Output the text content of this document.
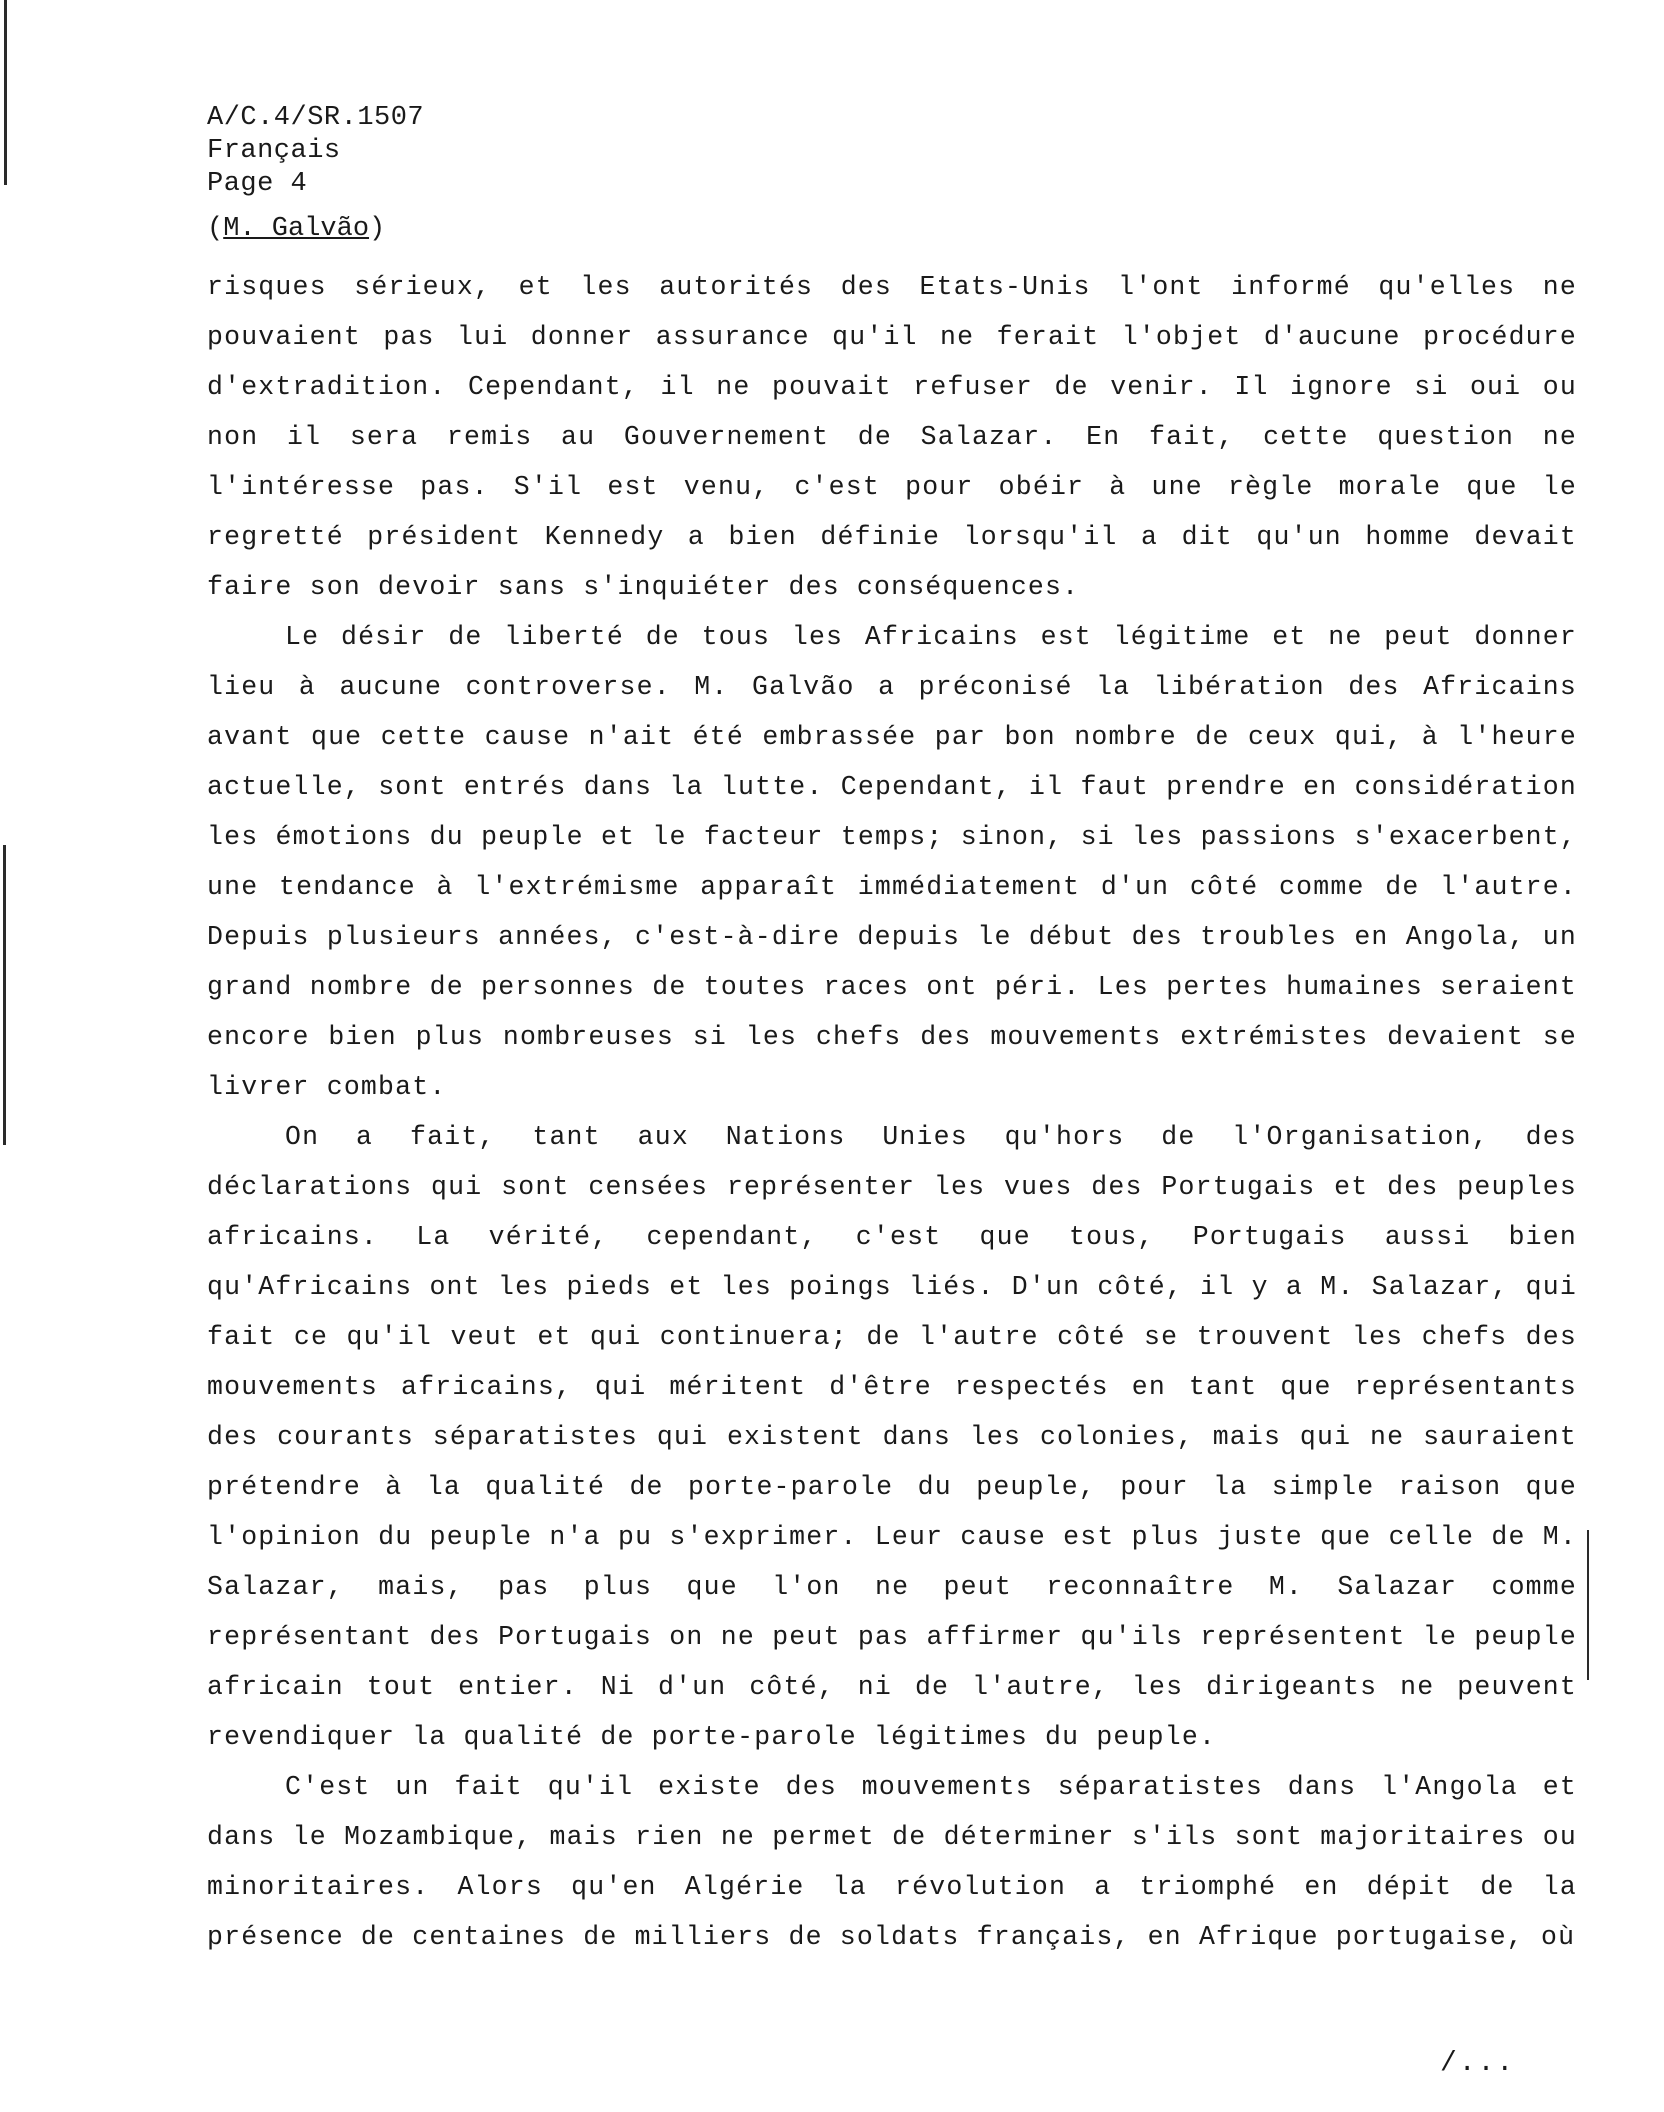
A/C.4/SR.1507
Français
Page 4
(M. Galvão)

risques sérieux, et les autorités des Etats-Unis l'ont informé qu'elles ne pouvaient pas lui donner assurance qu'il ne ferait l'objet d'aucune procédure d'extradition. Cependant, il ne pouvait refuser de venir. Il ignore si oui ou non il sera remis au Gouvernement de Salazar. En fait, cette question ne l'intéresse pas. S'il est venu, c'est pour obéir à une règle morale que le regretté président Kennedy a bien définie lorsqu'il a dit qu'un homme devait faire son devoir sans s'inquiéter des conséquences.

Le désir de liberté de tous les Africains est légitime et ne peut donner lieu à aucune controverse. M. Galvão a préconisé la libération des Africains avant que cette cause n'ait été embrassée par bon nombre de ceux qui, à l'heure actuelle, sont entrés dans la lutte. Cependant, il faut prendre en considération les émotions du peuple et le facteur temps; sinon, si les passions s'exacerbent, une tendance à l'extrémisme apparaît immédiatement d'un côté comme de l'autre. Depuis plusieurs années, c'est-à-dire depuis le début des troubles en Angola, un grand nombre de personnes de toutes races ont péri. Les pertes humaines seraient encore bien plus nombreuses si les chefs des mouvements extrémistes devaient se livrer combat.

On a fait, tant aux Nations Unies qu'hors de l'Organisation, des déclarations qui sont censées représenter les vues des Portugais et des peuples africains. La vérité, cependant, c'est que tous, Portugais aussi bien qu'Africains ont les pieds et les poings liés. D'un côté, il y a M. Salazar, qui fait ce qu'il veut et qui continuera; de l'autre côté se trouvent les chefs des mouvements africains, qui méritent d'être respectés en tant que représentants des courants séparatistes qui existent dans les colonies, mais qui ne sauraient prétendre à la qualité de porte-parole du peuple, pour la simple raison que l'opinion du peuple n'a pu s'exprimer. Leur cause est plus juste que celle de M. Salazar, mais, pas plus que l'on ne peut reconnaître M. Salazar comme représentant des Portugais on ne peut pas affirmer qu'ils représentent le peuple africain tout entier. Ni d'un côté, ni de l'autre, les dirigeants ne peuvent revendiquer la qualité de porte-parole légitimes du peuple.

C'est un fait qu'il existe des mouvements séparatistes dans l'Angola et dans le Mozambique, mais rien ne permet de déterminer s'ils sont majoritaires ou minoritaires. Alors qu'en Algérie la révolution a triomphé en dépit de la présence de centaines de milliers de soldats français, en Afrique portugaise, où

/...
